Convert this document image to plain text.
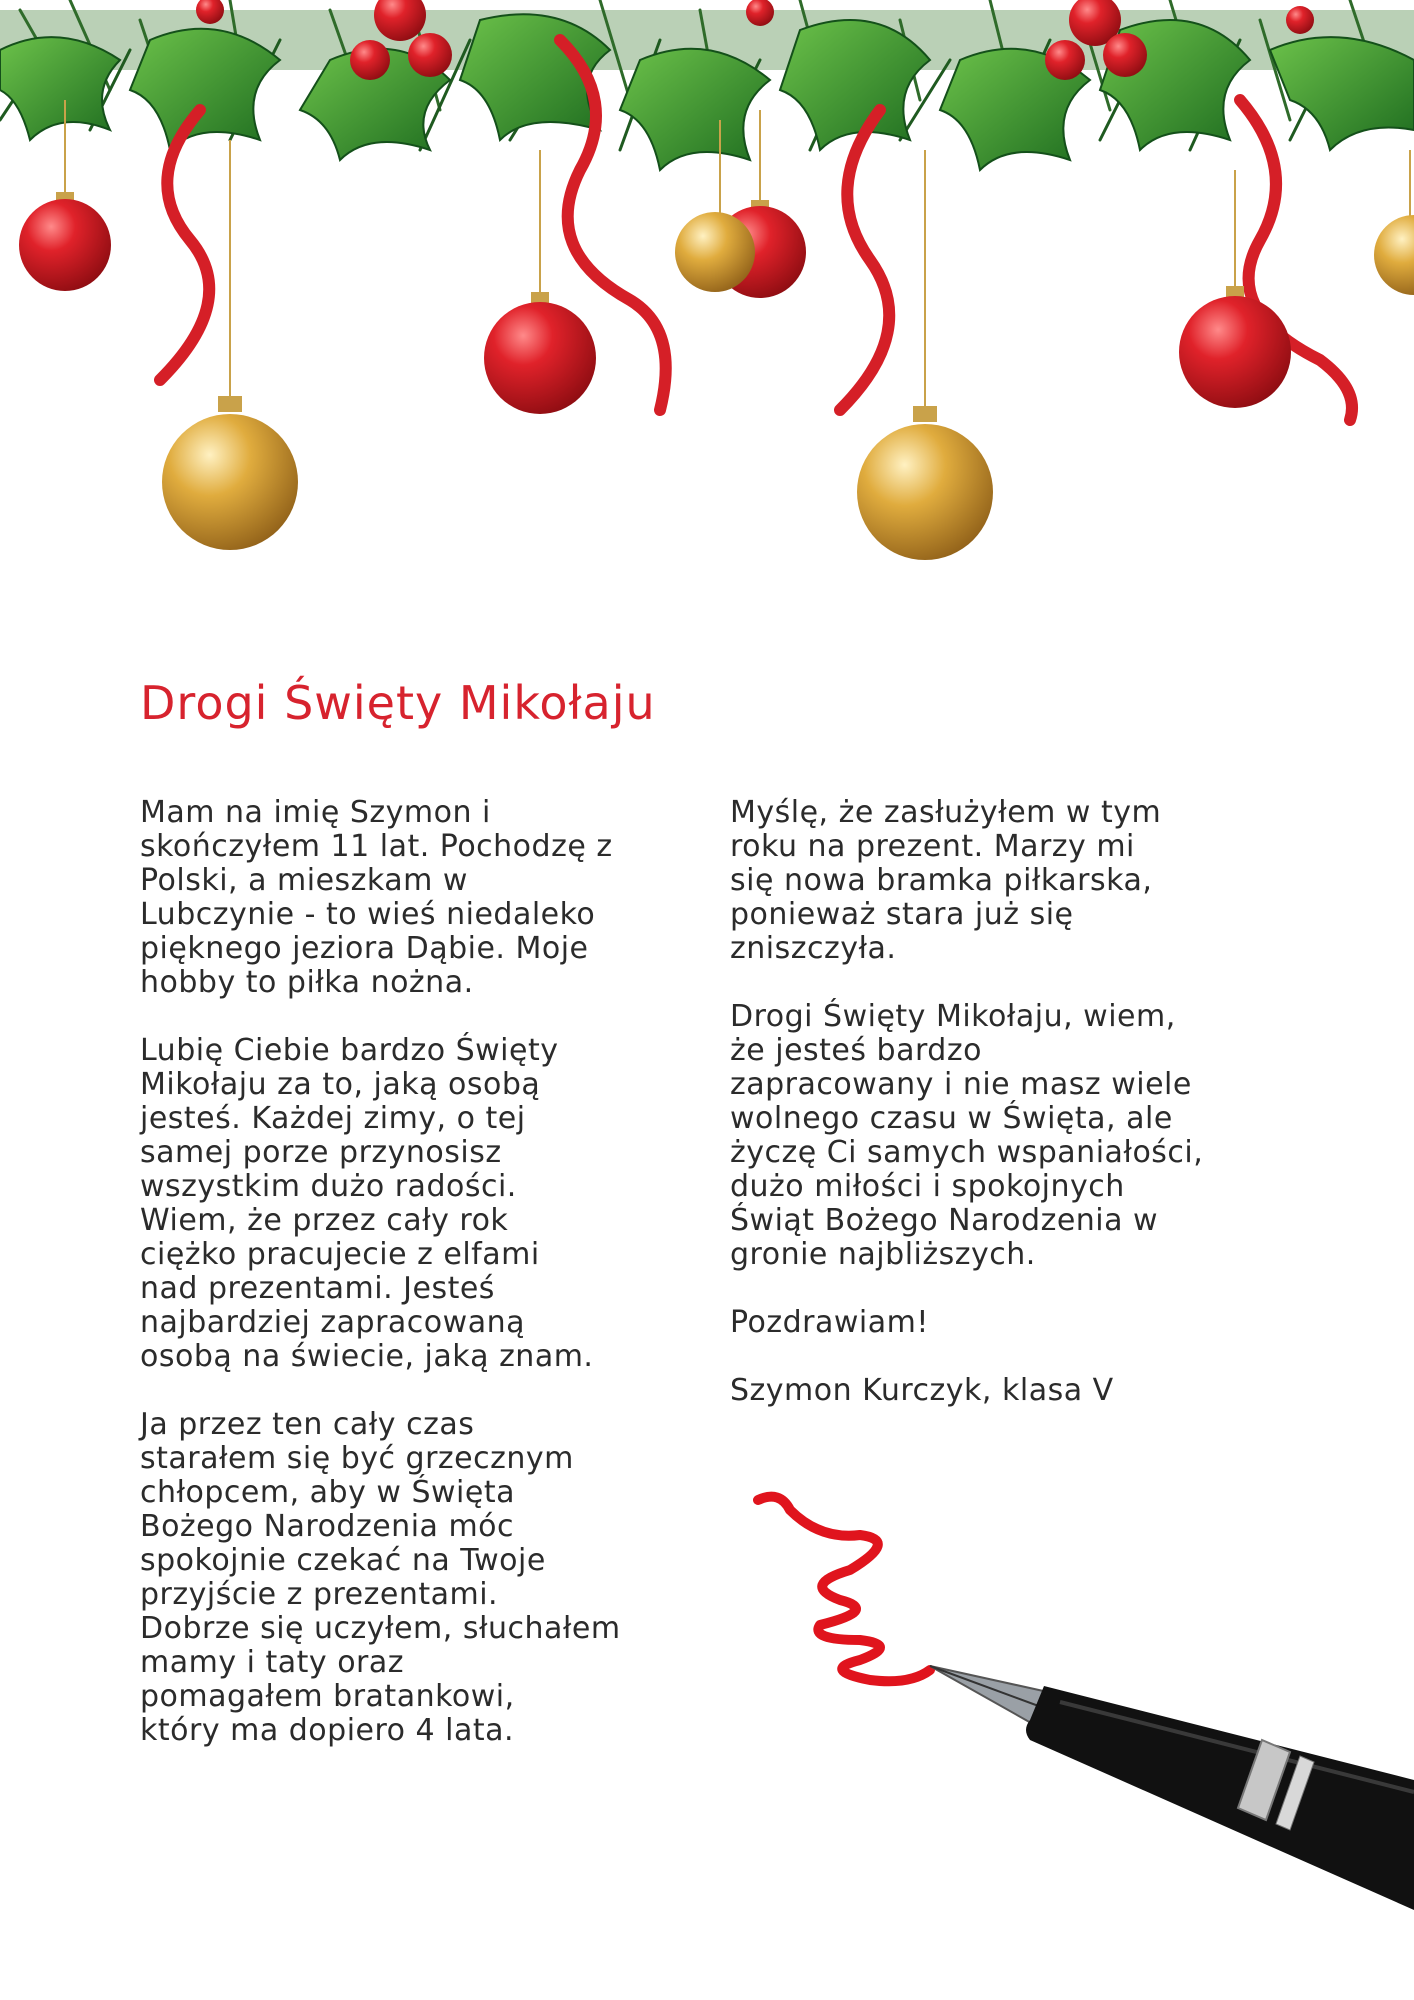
Drogi Święty Mikołaju

Mam na imię Szymon i
skończyłem 11 lat. Pochodzę z
Polski, a mieszkam w
Lubczynie - to wieś niedaleko
pięknego jeziora Dąbie. Moje
hobby to piłka nożna.

Lubię Ciebie bardzo Święty
Mikołaju za to, jaką osobą
jesteś. Każdej zimy, o tej
samej porze przynosisz
wszystkim dużo radości.
Wiem, że przez cały rok
ciężko pracujecie z elfami
nad prezentami. Jesteś
najbardziej zapracowaną
osobą na świecie, jaką znam.

Ja przez ten cały czas
starałem się być grzecznym
chłopcem, aby w Święta
Bożego Narodzenia móc
spokojnie czekać na Twoje
przyjście z prezentami.
Dobrze się uczyłem, słuchałem
mamy i taty oraz
pomagałem bratankowi,
który ma dopiero 4 lata.

Myślę, że zasłużyłem w tym
roku na prezent. Marzy mi
się nowa bramka piłkarska,
ponieważ stara już się
zniszczyła.

Drogi Święty Mikołaju, wiem,
że jesteś bardzo
zapracowany i nie masz wiele
wolnego czasu w Święta, ale
życzę Ci samych wspaniałości,
dużo miłości i spokojnych
Świąt Bożego Narodzenia w
gronie najbliższych.

Pozdrawiam!

Szymon Kurczyk, klasa V
